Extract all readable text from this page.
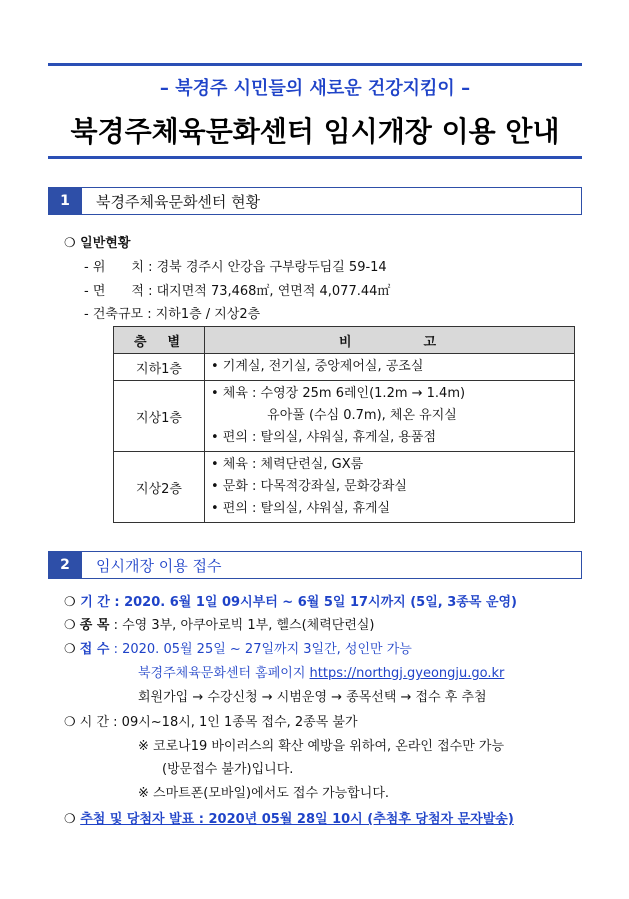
– 북경주 시민들의 새로운 건강지킴이 –
북경주체육문화센터 임시개장 이용 안내
1	북경주체육문화센터 현황
❍ 일반현황
- 위　　치 : 경북 경주시 안강읍 구부랑두딤길 59-14
- 면　　적 : 대지면적 73,468㎡, 연면적 4,077.44㎡
- 건축규모 : 지하1층 / 지상2층
층　별	비　　　　고
지하1층	• 기계실, 전기실, 중앙제어실, 공조실

지상1층	• 체육 : 수영장 25m 6레인(1.2m → 1.4m)
　　　　 유아풀 (수심 0.7m), 체온 유지실
• 편의 : 탈의실, 샤워실, 휴게실, 용품점

지상2층	• 체육 : 체력단련실, GX룸
• 문화 : 다목적강좌실, 문화강좌실
• 편의 : 탈의실, 샤워실, 휴게실
2	임시개장 이용 접수
❍ 기 간 : 2020. 6월 1일 09시부터 ~ 6월 5일 17시까지 (5일, 3종목 운영)
❍ 종 목 : 수영 3부, 아쿠아로빅 1부, 헬스(체력단련실)
❍ 접 수 : 2020. 05월 25일 ~ 27일까지 3일간, 성인만 가능
북경주체육문화센터 홈페이지 https://northgj.gyeongju.go.kr
회원가입 → 수강신청 → 시범운영 → 종목선택 → 접수 후 추첨
❍ 시 간 : 09시~18시, 1인 1종목 접수, 2종목 불가
※ 코로나19 바이러스의 확산 예방을 위하여, 온라인 접수만 가능
(방문접수 불가)입니다.
※ 스마트폰(모바일)에서도 접수 가능합니다.
❍ 추첨 및 당첨자 발표 : 2020년 05월 28일 10시 (추첨후 당첨자 문자발송)
